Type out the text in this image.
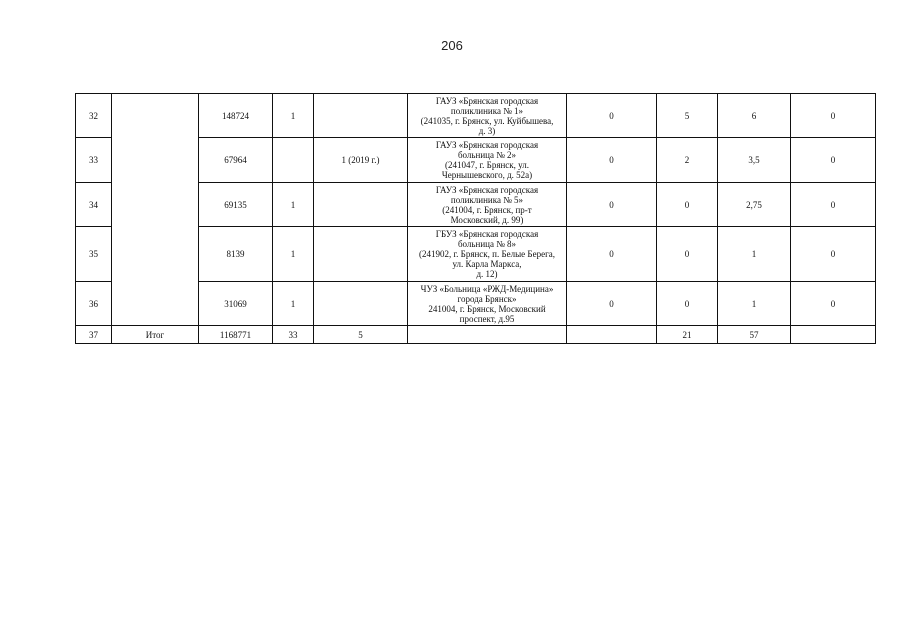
206
32		148724	1		ГАУЗ «Брянская городская
поликлиника № 1»
(241035, г. Брянск, ул. Куйбышева,
д. 3)	0	5	6	0
33		67964		1 (2019 г.)	ГАУЗ «Брянская городская
больница № 2»
(241047, г. Брянск, ул.
Чернышевского, д. 52а)	0	2	3,5	0
34		69135	1		ГАУЗ «Брянская городская
поликлиника № 5»
(241004, г. Брянск, пр-т
Московский, д. 99)	0	0	2,75	0
35		8139	1		ГБУЗ «Брянская городская
больница № 8»
(241902, г. Брянск, п. Белые Берега,
ул. Карла Маркса,
д. 12)	0	0	1	0
36		31069	1		ЧУЗ «Больница «РЖД-Медицина»
города Брянск»
241004, г. Брянск, Московский
проспект, д.95	0	0	1	0
37	Итог	1168771	33	5			21	57	
